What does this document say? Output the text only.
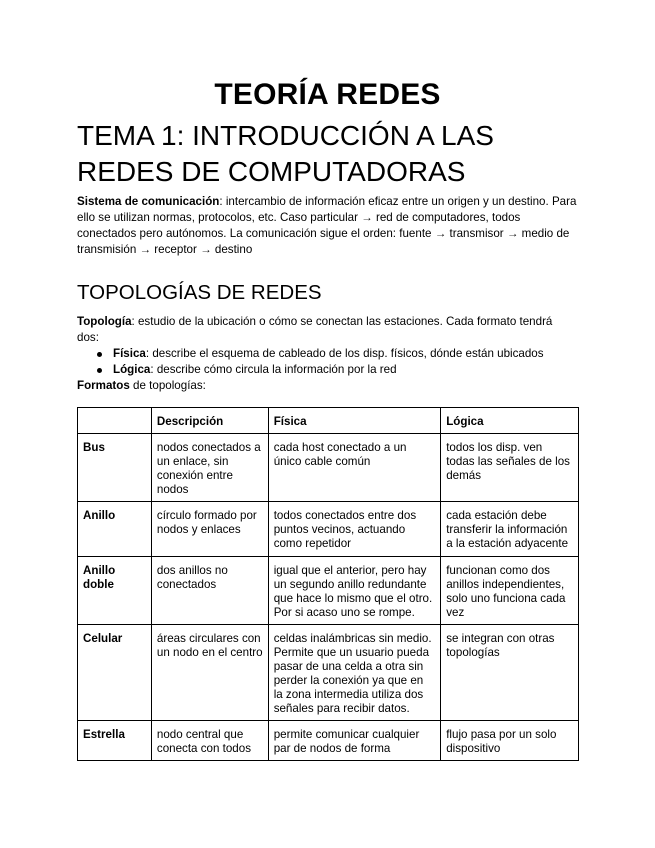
TEORÍA REDES
TEMA 1: INTRODUCCIÓN A LAS REDES DE COMPUTADORAS

Sistema de comunicación: intercambio de información eficaz entre un origen y un destino. Para ello se utilizan normas, protocolos, etc. Caso particular → red de computadores, todos conectados pero autónomos. La comunicación sigue el orden: fuente → transmisor → medio de transmisión → receptor → destino

TOPOLOGÍAS DE REDES

Topología: estudio de la ubicación o cómo se conectan las estaciones. Cada formato tendrá dos:

Física: describe el esquema de cableado de los disp. físicos, dónde están ubicados
Lógica: describe cómo circula la información por la red

Formatos de topologías:

	Descripción	Física	Lógica
Bus	nodos conectados a un enlace, sin conexión entre nodos	cada host conectado a un único cable común	todos los disp. ven todas las señales de los demás
Anillo	círculo formado por nodos y enlaces	todos conectados entre dos puntos vecinos, actuando como repetidor	cada estación debe transferir la información a la estación adyacente
Anillo doble	dos anillos no conectados	igual que el anterior, pero hay un segundo anillo redundante que hace lo mismo que el otro. Por si acaso uno se rompe.	funcionan como dos anillos independientes, solo uno funciona cada vez
Celular	áreas circulares con un nodo en el centro	celdas inalámbricas sin medio. Permite que un usuario pueda pasar de una celda a otra sin perder la conexión ya que en la zona intermedia utiliza dos señales para recibir datos.	se integran con otras topologías
Estrella	nodo central que conecta con todos	permite comunicar cualquier par de nodos de forma	flujo pasa por un solo dispositivo
